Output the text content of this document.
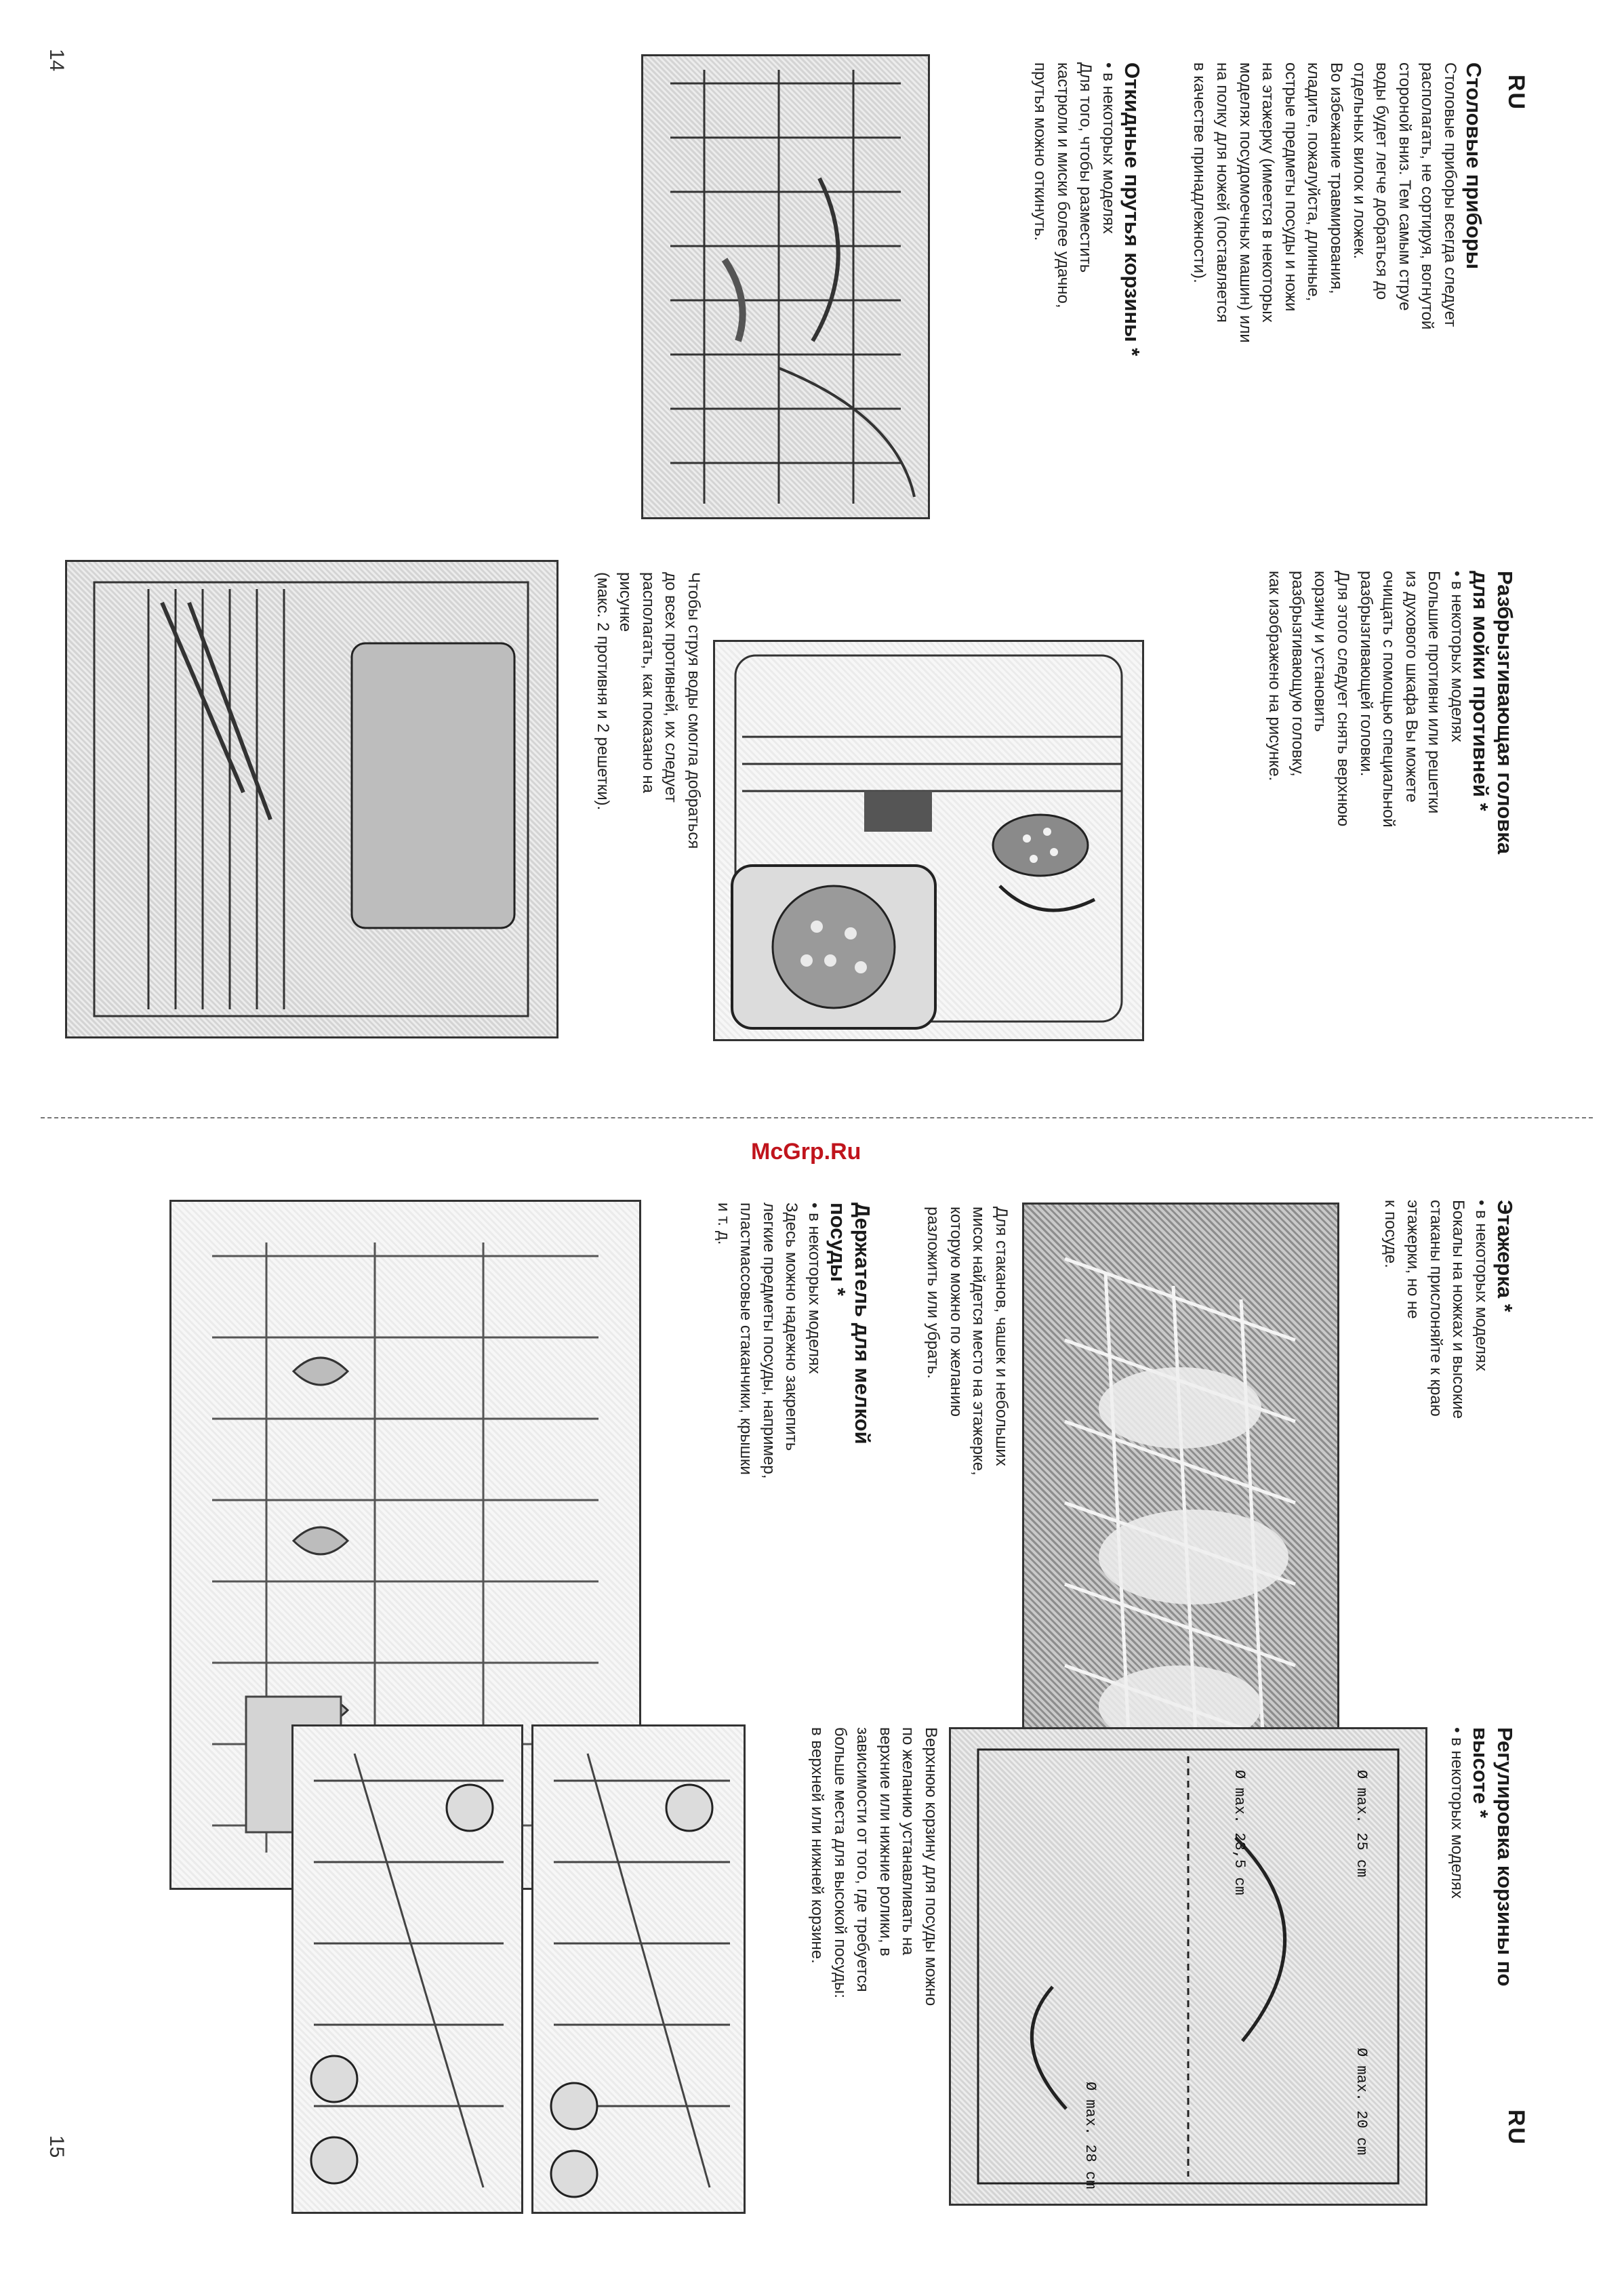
RU
14
Столовые приборы
Столовые приборы всегда следует
располагать, не сортируя, вогнутой
стороной вниз. Тем самым струе
воды будет легче добраться до
отдельных вилок и ложек.
Во избежание травмирования,
кладите, пожалуйста, длинные,
острые предметы посуды и ножи
на этажерку (имеется в некоторых
моделях посудомоечных машин) или
на полку для ножей (поставляется
в качестве принадлежности).
Откидные прутья корзины *
• в некоторых моделях
Для того, чтобы разместить
кастрюли и миски более удачно,
прутья можно откинуть.
Разбрызгивающая головка
для мойки противней *
• в некоторых моделях
Большие противни или решетки
из духового шкафа Вы можете
очищать с помощью специальной
разбрызгивающей головки.
Для этого следует снять верхнюю
корзину и установить
разбрызгивающую головку,
как изображено на рисунке.
Чтобы струя воды смогла добраться
до всех противней, их следует
располагать, как показано на
рисунке
(макс. 2 противня и 2 решетки).
McGrp.Ru
RU
15
Этажерка *
• в некоторых моделях
Бокалы на ножках и высокие
стаканы прислоняйте к краю
этажерки, но не
к посуде.
Для стаканов, чашек и небольших
мисок найдется место на этажерке,
которую можно по желанию
разложить или убрать.
Держатель для мелкой
посуды *
• в некоторых моделях
Здесь можно надежно закрепить
легкие предметы посуды, например,
пластмассовые стаканчики, крышки
и т. д.
Регулировка корзины по
высоте *
• в некоторых моделях
Ø max. 25 cm
Ø max. 20 cm
Ø max. 23,5 cm
Ø max. 28 cm
Верхнюю корзину для посуды можно
по желанию устанавливать на
верхние или нижние ролики, в
зависимости от того, где требуется
больше места для высокой посуды:
в верхней или нижней корзине.
